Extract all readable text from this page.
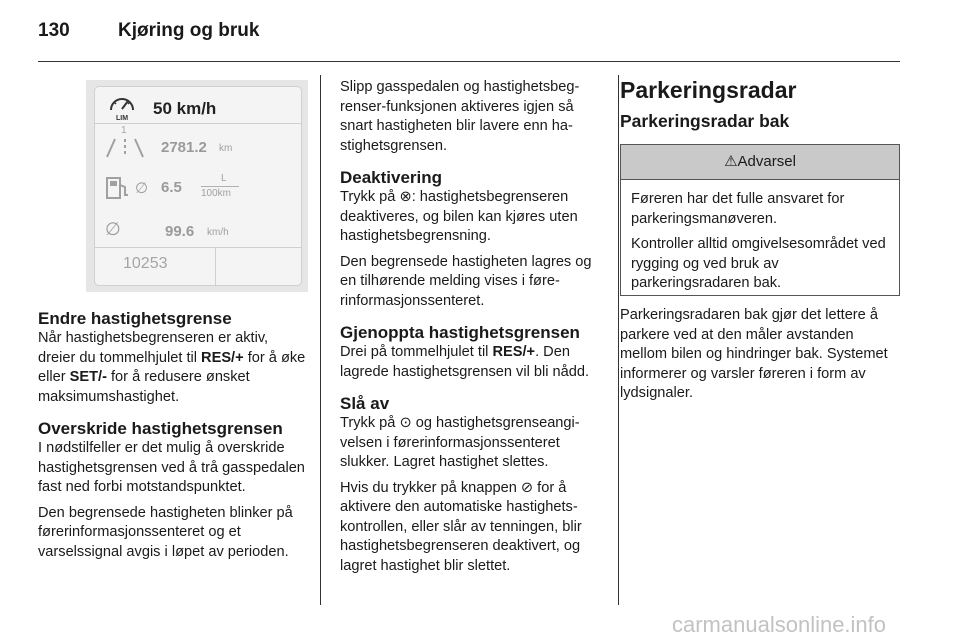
130	Kjøring og bruk
LIM
50 km/h
1
2781.2 km
∅ 6.5
L
100km
∅	99.6 km/h
10253
Endre hastighetsgrense

Når hastighetsbegrenseren er aktiv, dreier du tommelhjulet til RES/+ for å øke eller SET/- for å redusere ønsket maksimumshastighet.

Overskride hastighetsgrensen

I nødstilfeller er det mulig å overskride hastighetsgrensen ved å trå gasspedalen fast ned forbi motstandspunktet.

Den begrensede hastigheten blinker på førerinformasjonssenteret og et varselssignal avgis i løpet av perioden.

Slipp gasspedalen og hastighetsbegrenser-funksjonen aktiveres igjen så snart hastigheten blir lavere enn hastighetsgrensen.

Deaktivering

Trykk på ⊗: hastighetsbegrenseren deaktiveres, og bilen kan kjøres uten hastighetsbegrensning.

Den begrensede hastigheten lagres og en tilhørende melding vises i førerinformasjonssenteret.

Gjenoppta hastighetsgrensen

Drei på tommelhjulet til RES/+. Den lagrede hastighetsgrensen vil bli nådd.

Slå av

Trykk på ⊙ og hastighetsgrenseangivelsen i førerinformasjonssenteret slukker. Lagret hastighet slettes.

Hvis du trykker på knappen ⊘ for å aktivere den automatiske hastighetskontrollen, eller slår av tenningen, blir hastighetsbegrenseren deaktivert, og lagret hastighet blir slettet.

Parkeringsradar
Parkeringsradar bak
⚠Advarsel

Føreren har det fulle ansvaret for parkeringsmanøveren.

Kontroller alltid omgivelsesområdet ved rygging og ved bruk av parkeringsradaren bak.

Parkeringsradaren bak gjør det lettere å parkere ved at den måler avstanden mellom bilen og hindringer bak. Systemet informerer og varsler føreren i form av lydsignaler.

carmanualsonline.info
